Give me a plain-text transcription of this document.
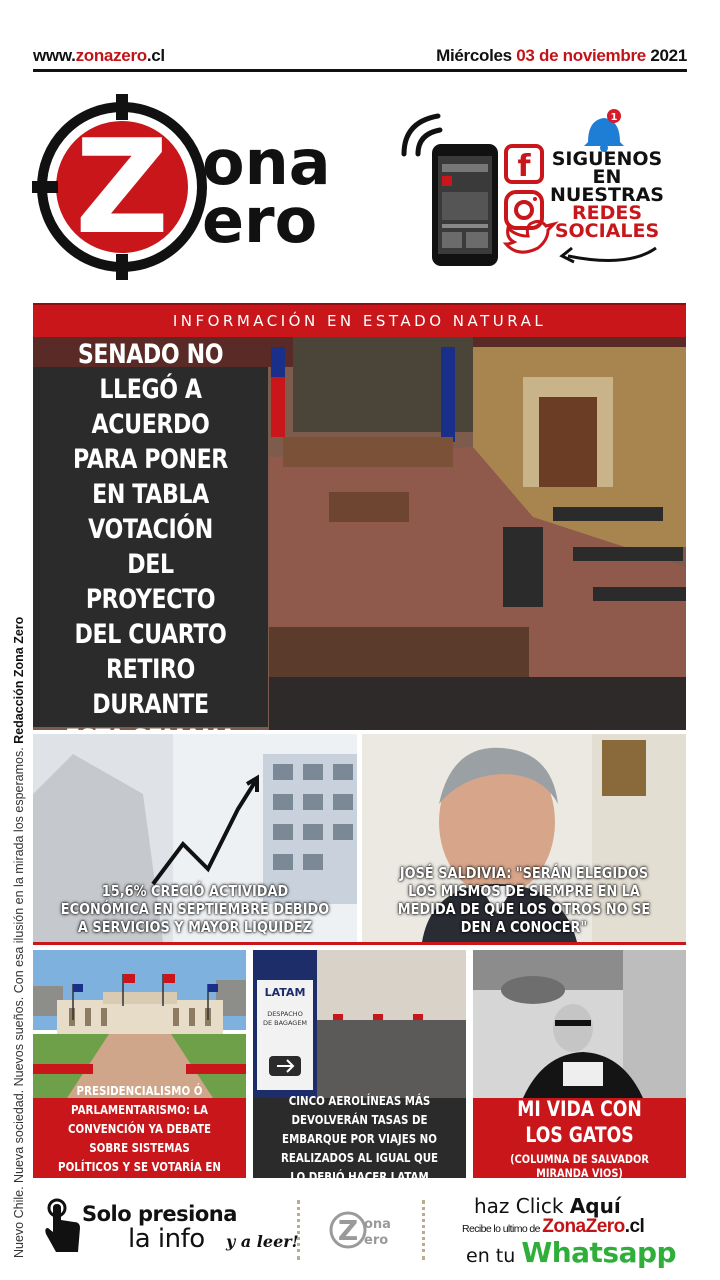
www.zonazero.cl	Miércoles 03 de noviembre 2021
Z ona
ero
f
1
SIGUENOS
EN
NUESTRAS
REDES
SOCIALES
INFORMACIÓN EN ESTADO NATURAL
SENADO NO LLEGÓ A ACUERDO PARA PONER EN TABLA VOTACIÓN DEL PROYECTO DEL CUARTO RETIRO DURANTE
15,6% CRECIÓ ACTIVIDAD ECONÓMICA EN SEPTIEMBRE DEBIDO A SERVICIOS Y MAYOR LIQUIDEZ
JOSÉ SALDIVIA: "SERÁN ELEGIDOS LOS MISMOS DE SIEMPRE EN LA MEDIDA DE QUE LOS OTROS NO SE DEN A CONOCER"
PRESIDENCIALISMO Ó PARLAMENTARISMO: LA CONVENCIÓN YA DEBATE SOBRE SISTEMAS POLÍTICOS Y SE VOTARÍA EN ENERO
LATAM
DESPACHO
DE BAGAGEM
CINCO AEROLÍNEAS MÁS DEVOLVERÁN TASAS DE EMBARQUE POR VIAJES NO REALIZADOS AL IGUAL QUE LO DEBIÓ HACER LATAM
MI VIDA CON LOS GATOS
(COLUMNA DE SALVADOR MIRANDA VIOS)
Nuevo Chile. Nueva sociedad. Nuevos sueños. Con esa ilusión en la mirada los esperamos. Redacción Zona Zero
Solo presiona
la info y a leer! Z ona
ero
haz Click Aquí
Recibe lo ultimo de ZonaZero.cl
en tu Whatsapp
